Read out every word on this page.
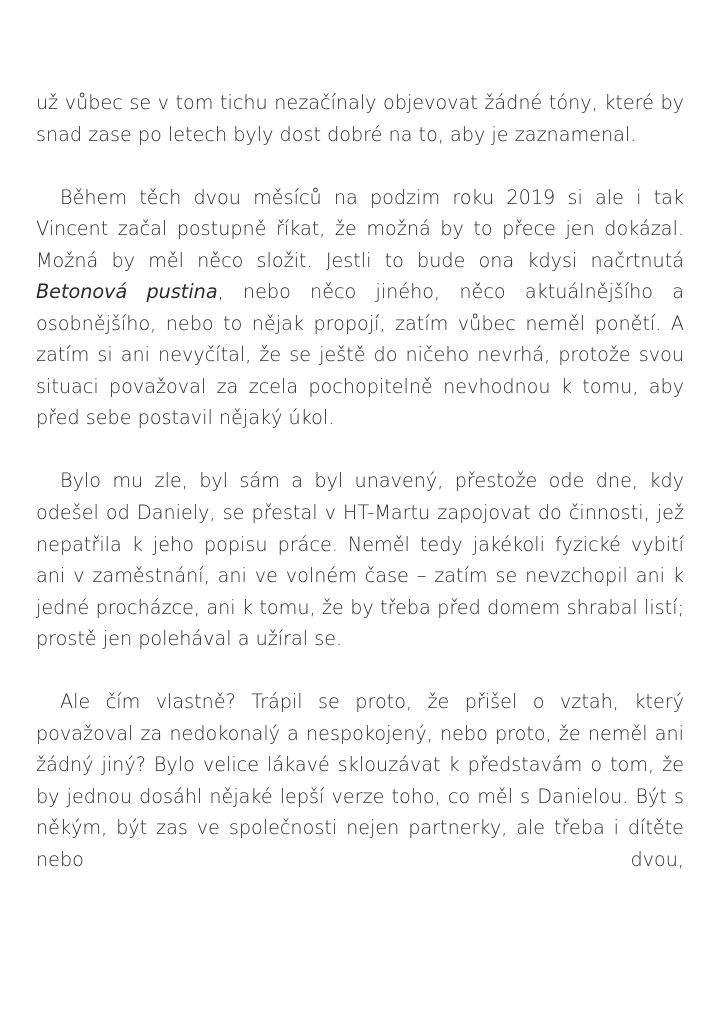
už vůbec se v tom tichu nezačínaly objevovat žádné tóny, které by snad zase po letech byly dost dobré na to, aby je zaznamenal.

Během těch dvou měsíců na podzim roku 2019 si ale i tak Vincent začal postupně říkat, že možná by to přece jen dokázal. Možná by měl něco složit. Jestli to bude ona kdysi načrtnutá Betonová pustina, nebo něco jiného, něco aktuálnějšího a osobnějšího, nebo to nějak propojí, zatím vůbec neměl ponětí. A zatím si ani nevyčítal, že se ještě do ničeho nevrhá, protože svou situaci považoval za zcela pochopitelně nevhodnou k tomu, aby před sebe postavil nějaký úkol.

Bylo mu zle, byl sám a byl unavený, přestože ode dne, kdy odešel od Daniely, se přestal v HT-Martu zapojovat do činnosti, jež nepatřila k jeho popisu práce. Neměl tedy jakékoli fyzické vybití ani v zaměstnání, ani ve volném čase – zatím se nevzchopil ani k jedné procházce, ani k tomu, že by třeba před domem shrabal listí; prostě jen polehával a užíral se.

Ale čím vlastně? Trápil se proto, že přišel o vztah, který považoval za nedokonalý a nespokojený, nebo proto, že neměl ani žádný jiný? Bylo velice lákavé sklouzávat k představám o tom, že by jednou dosáhl nějaké lepší verze toho, co měl s Danielou. Být s někým, být zas ve společnosti nejen partnerky, ale třeba i dítěte nebo dvou,
